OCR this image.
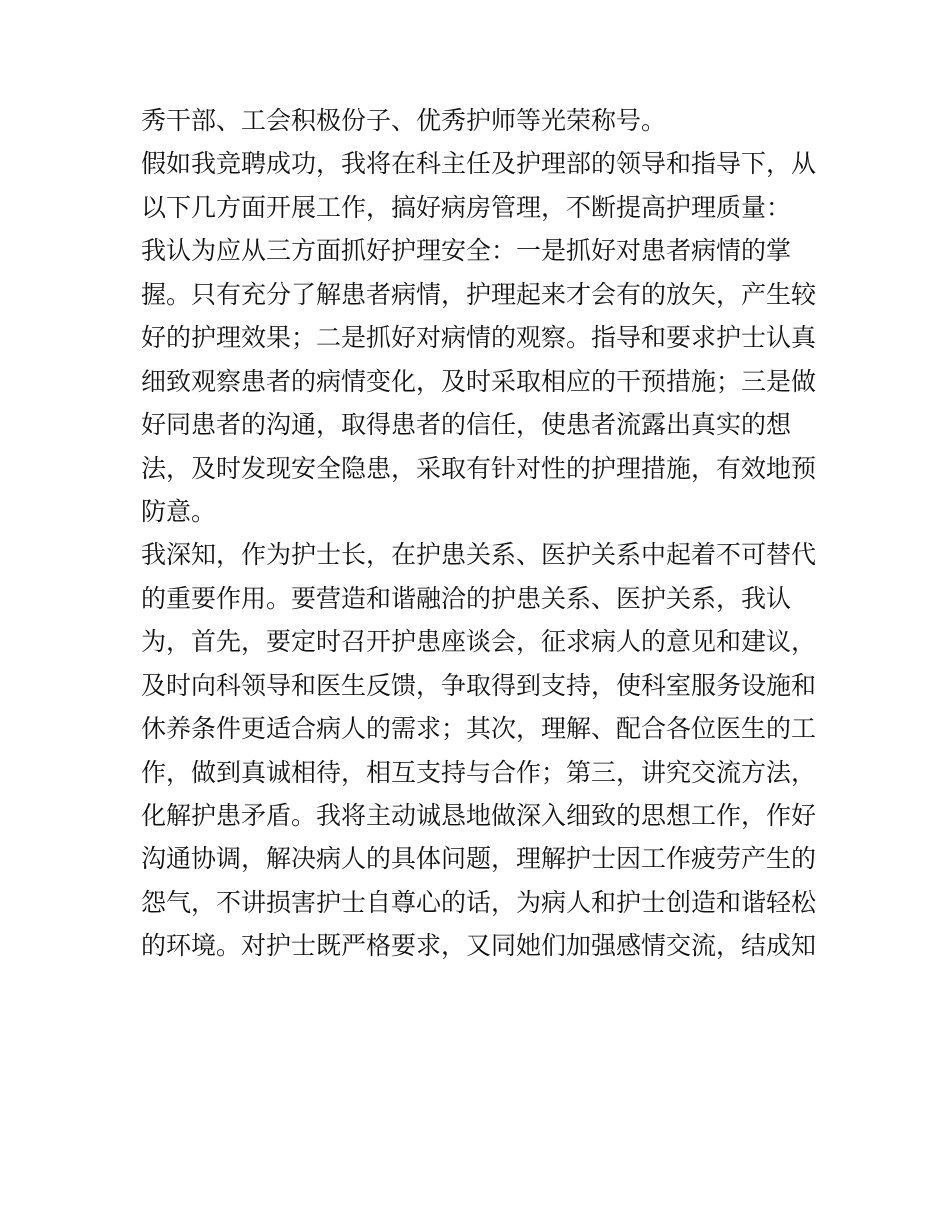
秀干部、工会积极份子、优秀护师等光荣称号。
假如我竞聘成功，我将在科主任及护理部的领导和指导下，从
以下几方面开展工作，搞好病房管理，不断提高护理质量：
我认为应从三方面抓好护理安全：一是抓好对患者病情的掌
握。只有充分了解患者病情，护理起来才会有的放矢，产生较
好的护理效果；二是抓好对病情的观察。指导和要求护士认真
细致观察患者的病情变化，及时采取相应的干预措施；三是做
好同患者的沟通，取得患者的信任，使患者流露出真实的想
法，及时发现安全隐患，采取有针对性的护理措施，有效地预
防意。
我深知，作为护士长，在护患关系、医护关系中起着不可替代
的重要作用。要营造和谐融洽的护患关系、医护关系，我认
为，首先，要定时召开护患座谈会，征求病人的意见和建议，
及时向科领导和医生反馈，争取得到支持，使科室服务设施和
休养条件更适合病人的需求；其次，理解、配合各位医生的工
作，做到真诚相待，相互支持与合作；第三，讲究交流方法，
化解护患矛盾。我将主动诚恳地做深入细致的思想工作，作好
沟通协调，解决病人的具体问题，理解护士因工作疲劳产生的
怨气，不讲损害护士自尊心的话，为病人和护士创造和谐轻松
的环境。对护士既严格要求，又同她们加强感情交流，结成知
